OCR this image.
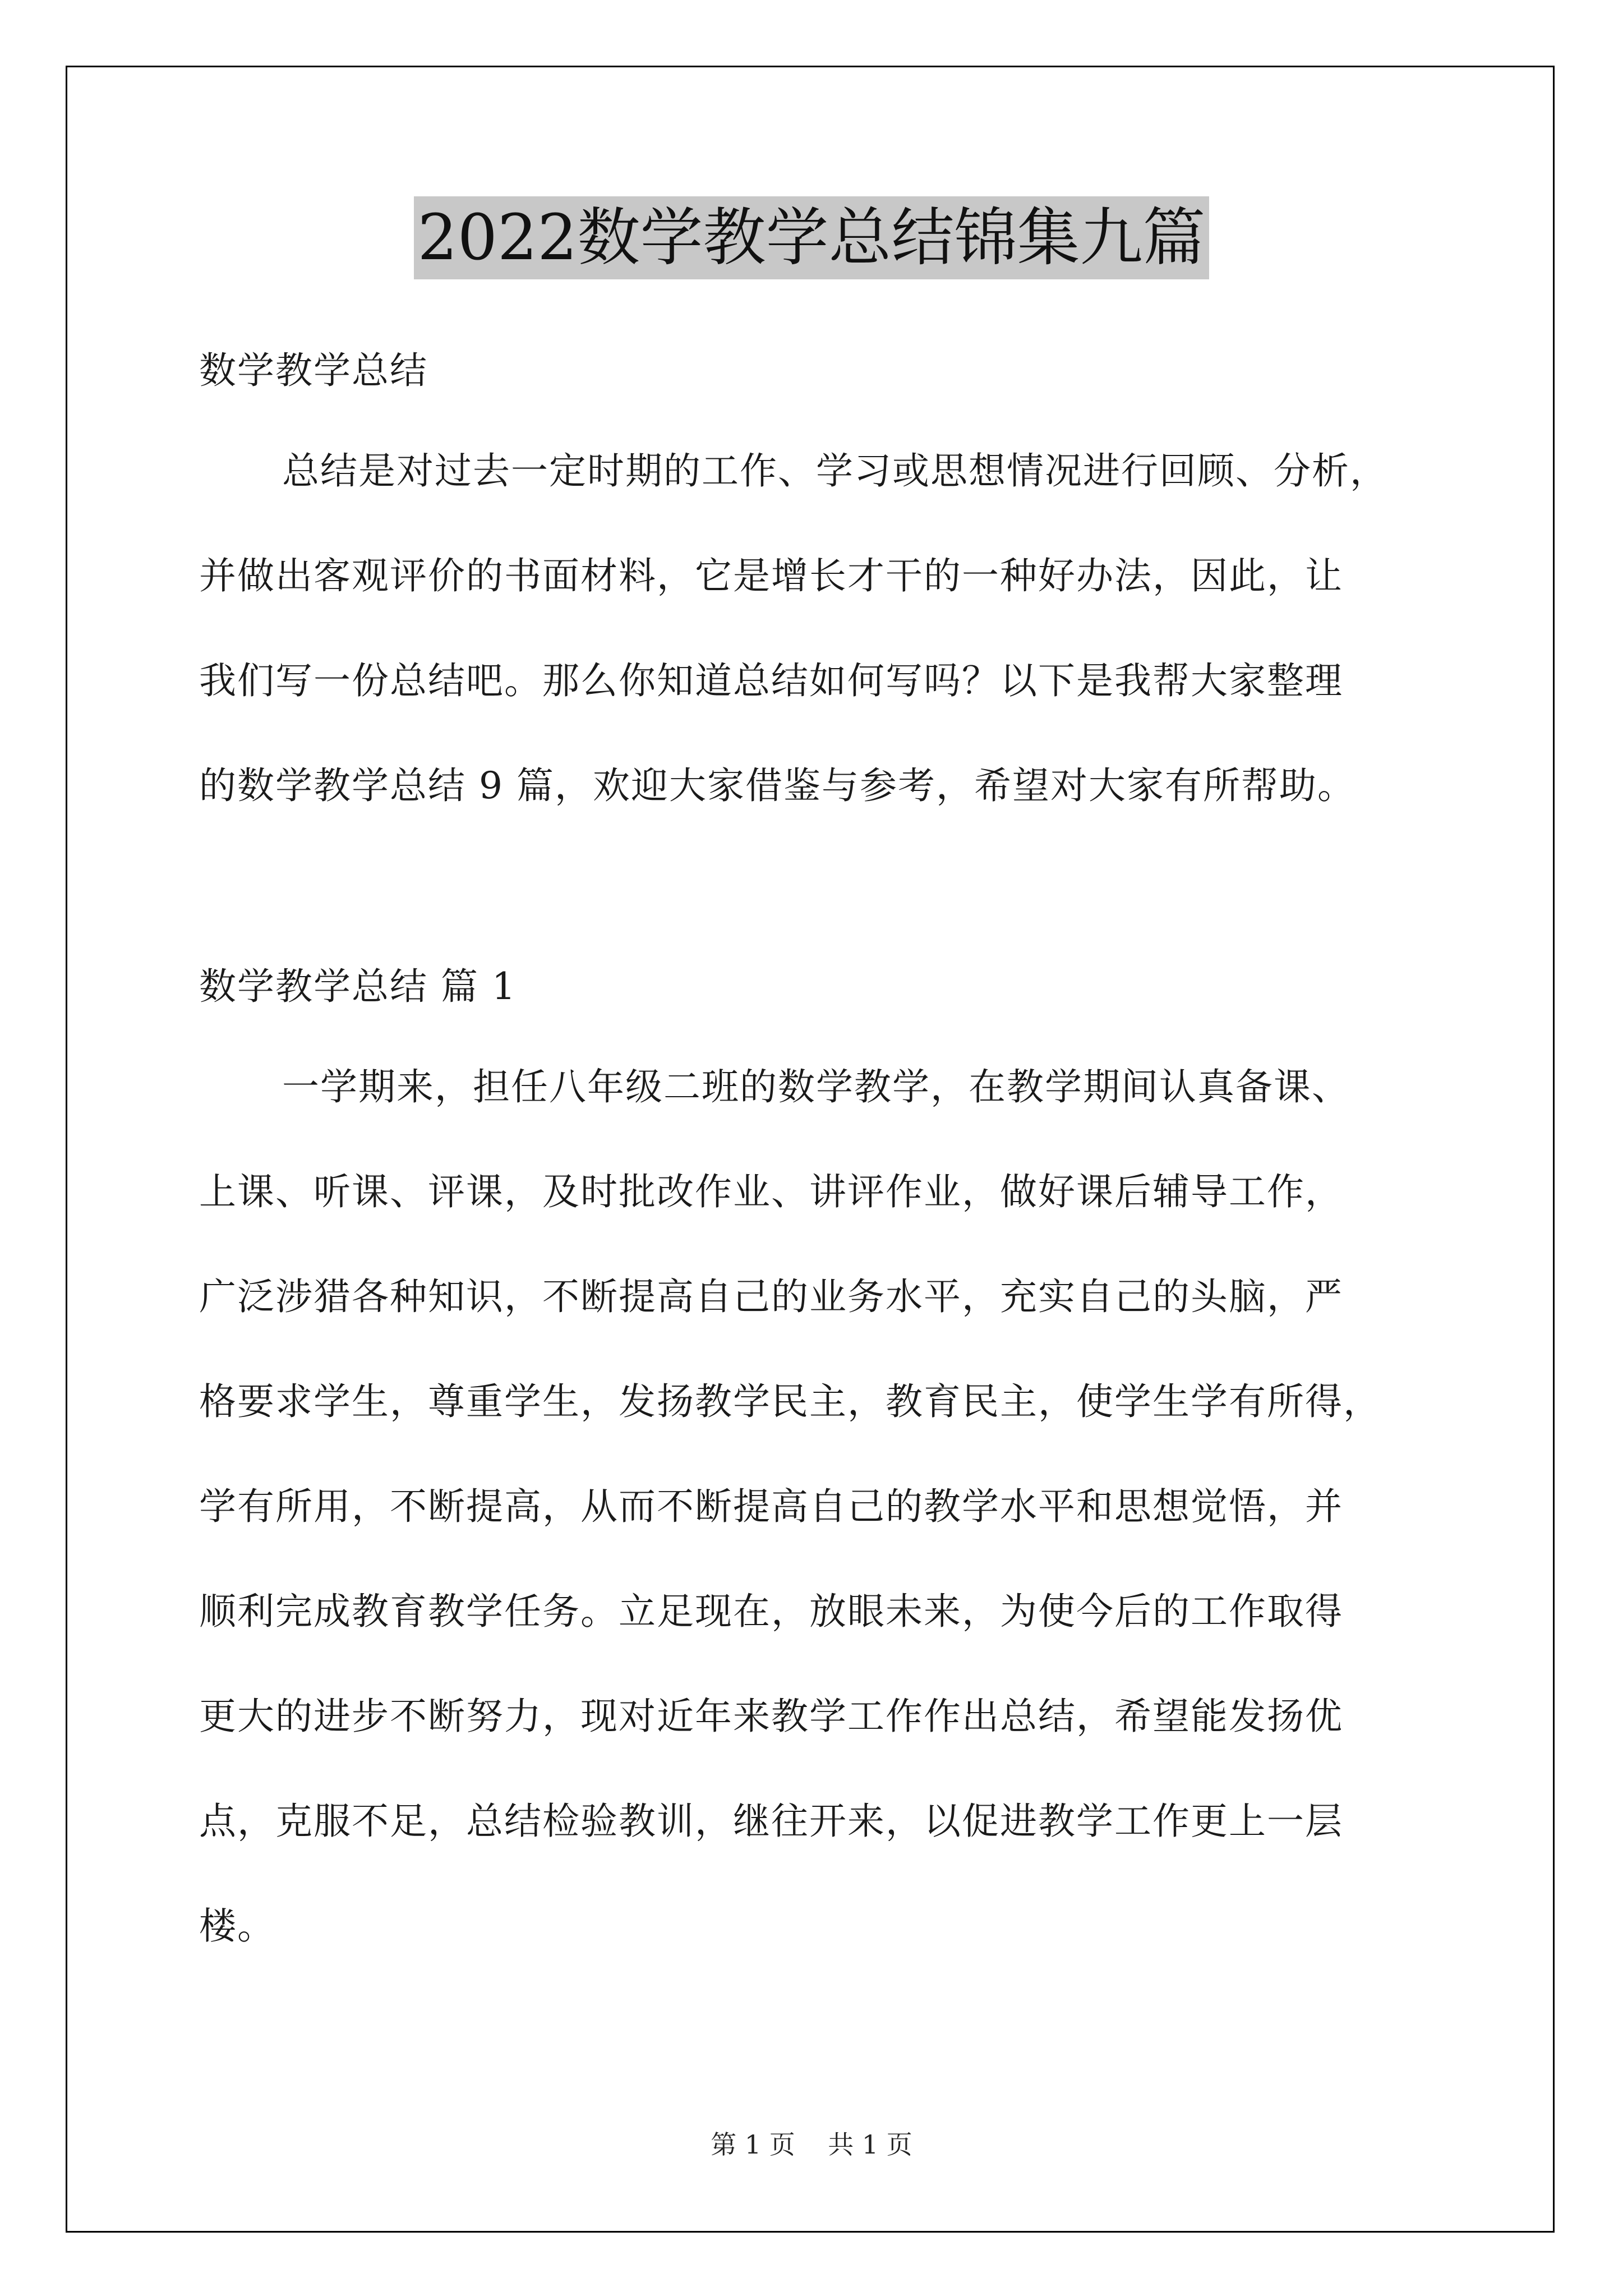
2022数学教学总结锦集九篇

数学教学总结

总结是对过去一定时期的工作、学习或思想情况进行回顾、分析，
并做出客观评价的书面材料，它是增长才干的一种好办法，因此，让
我们写一份总结吧。那么你知道总结如何写吗？以下是我帮大家整理
的数学教学总结 9 篇，欢迎大家借鉴与参考，希望对大家有所帮助。

数学教学总结 篇 1

一学期来，担任八年级二班的数学教学，在教学期间认真备课、
上课、听课、评课，及时批改作业、讲评作业，做好课后辅导工作，
广泛涉猎各种知识，不断提高自己的业务水平，充实自己的头脑，严
格要求学生，尊重学生，发扬教学民主，教育民主，使学生学有所得，
学有所用，不断提高，从而不断提高自己的教学水平和思想觉悟，并
顺利完成教育教学任务。立足现在，放眼未来，为使今后的工作取得
更大的进步不断努力，现对近年来教学工作作出总结，希望能发扬优
点，克服不足，总结检验教训，继往开来，以促进教学工作更上一层
楼。
第 1 页 共 1 页
